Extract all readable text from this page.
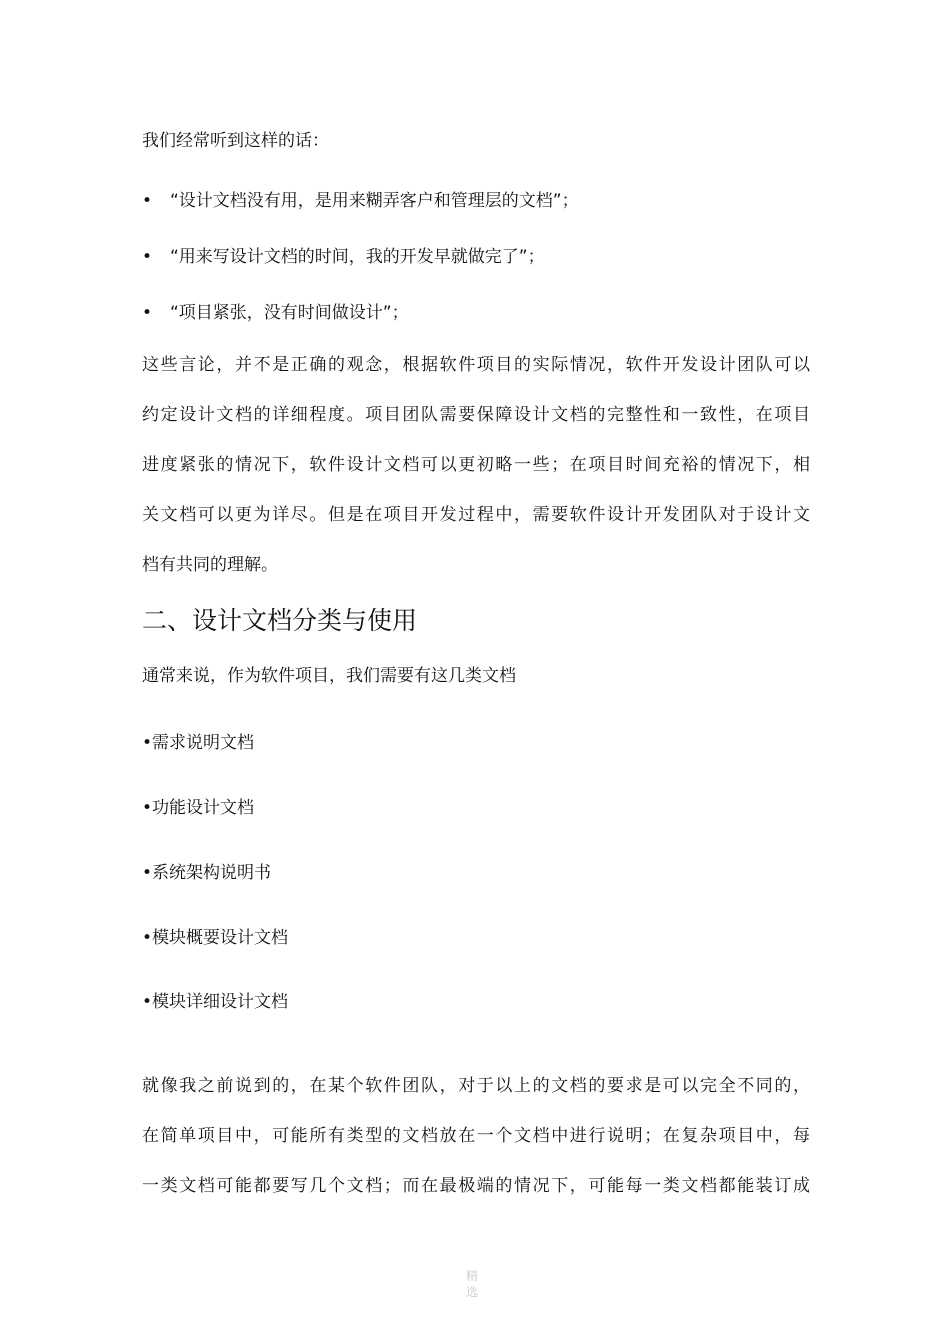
我们经常听到这样的话：
• “设计文档没有用，是用来糊弄客户和管理层的文档”；
• “用来写设计文档的时间，我的开发早就做完了”；
• “项目紧张，没有时间做设计”；
这些言论，并不是正确的观念，根据软件项目的实际情况，软件开发设计团队可以
约定设计文档的详细程度。项目团队需要保障设计文档的完整性和一致性，在项目
进度紧张的情况下，软件设计文档可以更初略一些；在项目时间充裕的情况下，相
关文档可以更为详尽。但是在项目开发过程中，需要软件设计开发团队对于设计文
档有共同的理解。
二、设计文档分类与使用
通常来说，作为软件项目，我们需要有这几类文档
•需求说明文档
•功能设计文档
•系统架构说明书
•模块概要设计文档
•模块详细设计文档
就像我之前说到的，在某个软件团队，对于以上的文档的要求是可以完全不同的，
在简单项目中，可能所有类型的文档放在一个文档中进行说明；在复杂项目中，每
一类文档可能都要写几个文档；而在最极端的情况下，可能每一类文档都能装订成
精选
